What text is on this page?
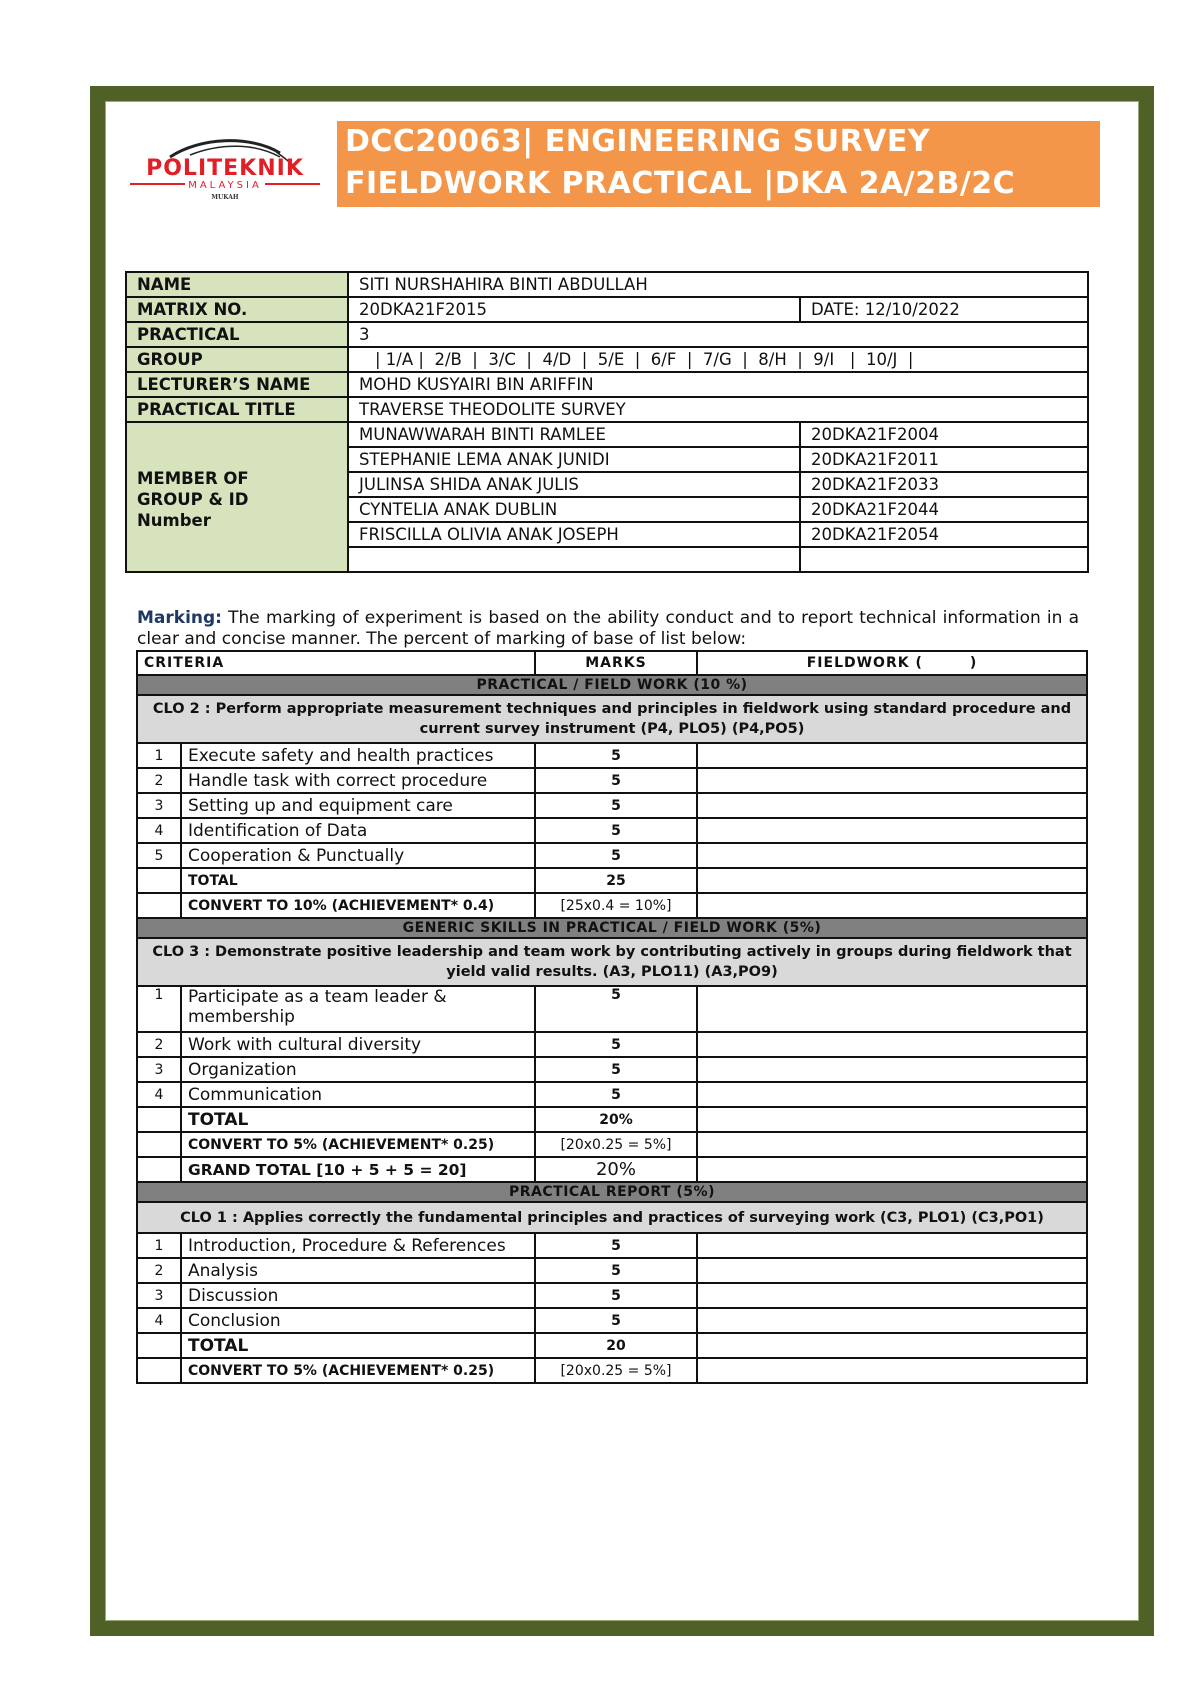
POLITEKNIK
MALAYSIA
MUKAH
DCC20063| ENGINEERING SURVEY
FIELDWORK PRACTICAL |DKA 2A/2B/2C
NAME	SITI NURSHAHIRA BINTI ABDULLAH	
MATRIX NO.	20DKA21F2015	DATE: 12/10/2022
PRACTICAL	3	
GROUP	| 1/A |  2/B  |  3/C  |  4/D  |  5/E  |  6/F  |  7/G  |  8/H  |  9/I   |  10/J  |	
LECTURER’S NAME	MOHD KUSYAIRI BIN ARIFFIN	
PRACTICAL TITLE	TRAVERSE THEODOLITE SURVEY	
MEMBER OF GROUP & ID Number	MUNAWWARAH BINTI RAMLEE	20DKA21F2004
	STEPHANIE LEMA ANAK JUNIDI	20DKA21F2011
	JULINSA SHIDA ANAK JULIS	20DKA21F2033
	CYNTELIA ANAK DUBLIN	20DKA21F2044
	FRISCILLA OLIVIA ANAK JOSEPH	20DKA21F2054

Marking: The marking of experiment is based on the ability conduct and to report technical information in a clear and concise manner. The percent of marking of base of list below:
CRITERIA		MARKS	FIELDWORK (        )
PRACTICAL / FIELD WORK (10 %)			
CLO 2 : Perform appropriate measurement techniques and principles in fieldwork using standard procedure and current survey instrument (P4, PLO5) (P4,PO5)			
1	Execute safety and health practices	5	
2	Handle task with correct procedure	5	
3	Setting up and equipment care	5	
4	Identification of Data	5	
5	Cooperation & Punctually	5	
	TOTAL	25	
	CONVERT TO 10% (ACHIEVEMENT* 0.4)	[25x0.4 = 10%]	
GENERIC SKILLS IN PRACTICAL / FIELD WORK (5%)			
CLO 3 : Demonstrate positive leadership and team work by contributing actively in groups during fieldwork that yield valid results. (A3, PLO11) (A3,PO9)			
1	Participate as a team leader & membership	5	
2	Work with cultural diversity	5	
3	Organization	5	
4	Communication	5	
	TOTAL	20%	
	CONVERT TO 5% (ACHIEVEMENT* 0.25)	[20x0.25 = 5%]	
	GRAND TOTAL [10 + 5 + 5 = 20]	20%	
PRACTICAL REPORT (5%)			
CLO 1 : Applies correctly the fundamental principles and practices of surveying work (C3, PLO1) (C3,PO1)			
1	Introduction, Procedure & References	5	
2	Analysis	5	
3	Discussion	5	
4	Conclusion	5	
	TOTAL	20	
	CONVERT TO 5% (ACHIEVEMENT* 0.25)	[20x0.25 = 5%]	
